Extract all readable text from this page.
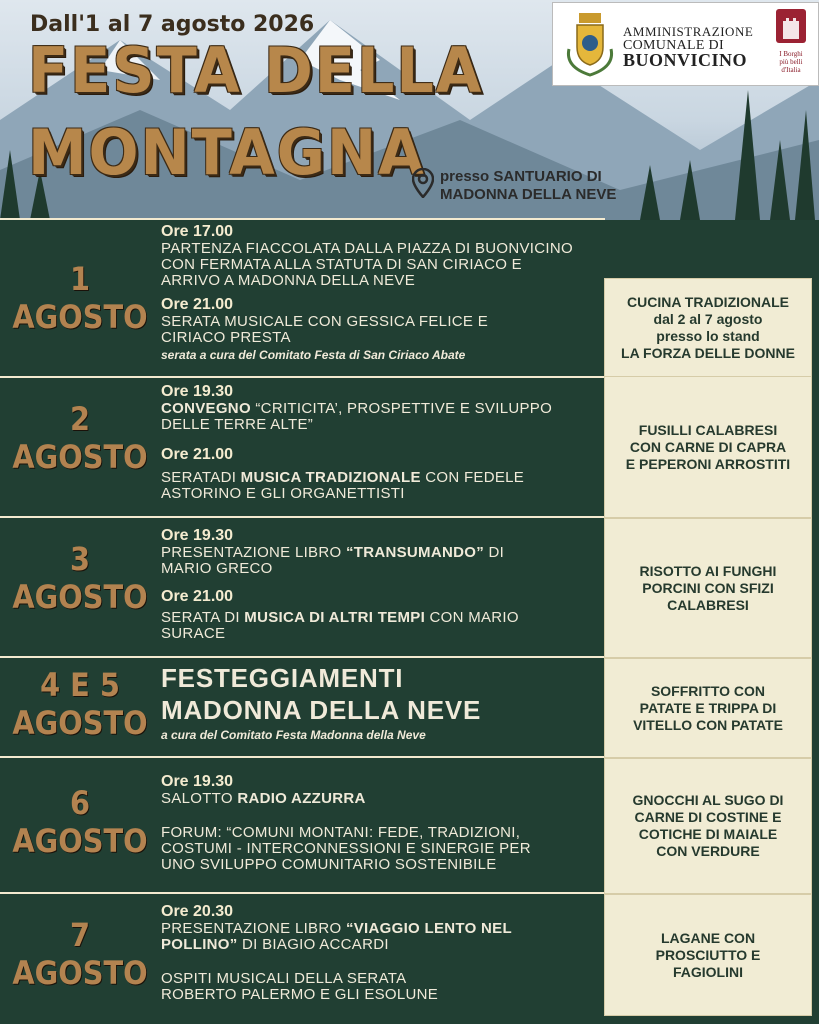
Dall'1 al 7 agosto 2026
FESTA DELLA
MONTAGNA presso SANTUARIO DI
MADONNA DELLA NEVE
AMMINISTRAZIONE
COMUNALE DI
BUONVICINO	I Borghi
più belli
d'Italia
1
AGOSTO
Ore 17.00
PARTENZA FIACCOLATA DALLA PIAZZA DI BUONVICINO
CON FERMATA ALLA STATUTA DI SAN CIRIACO E
ARRIVO A MADONNA DELLA NEVE
Ore 21.00
SERATA MUSICALE CON GESSICA FELICE E
CIRIACO PRESTA
serata a cura del Comitato Festa di San Ciriaco Abate
2
AGOSTO
Ore 19.30
CONVEGNO “CRITICITA’, PROSPETTIVE E SVILUPPO
DELLE TERRE ALTE”
Ore 21.00
SERATADI MUSICA TRADIZIONALE CON FEDELE
ASTORINO E GLI ORGANETTISTI
3
AGOSTO
Ore 19.30
PRESENTAZIONE LIBRO “TRANSUMANDO” DI
MARIO GRECO
Ore 21.00
SERATA DI MUSICA DI ALTRI TEMPI CON MARIO
SURACE
4 E 5
AGOSTO
FESTEGGIAMENTI
MADONNA DELLA NEVE
a cura del Comitato Festa Madonna della Neve
6
AGOSTO
Ore 19.30
SALOTTO RADIO AZZURRA
FORUM: “COMUNI MONTANI: FEDE, TRADIZIONI,
COSTUMI - INTERCONNESSIONI E SINERGIE PER
UNO SVILUPPO COMUNITARIO SOSTENIBILE
7
AGOSTO
Ore 20.30
PRESENTAZIONE LIBRO “VIAGGIO LENTO NEL
POLLINO” DI BIAGIO ACCARDI
OSPITI MUSICALI DELLA SERATA
ROBERTO PALERMO E GLI ESOLUNE
CUCINA TRADIZIONALE
dal 2 al 7 agosto
presso lo stand
LA FORZA DELLE DONNE
FUSILLI CALABRESI
CON CARNE DI CAPRA
E PEPERONI ARROSTITI
RISOTTO AI FUNGHI
PORCINI CON SFIZI
CALABRESI
SOFFRITTO CON
PATATE E TRIPPA DI
VITELLO CON PATATE
GNOCCHI AL SUGO DI
CARNE DI COSTINE E
COTICHE DI MAIALE
CON VERDURE
LAGANE CON
PROSCIUTTO E
FAGIOLINI
